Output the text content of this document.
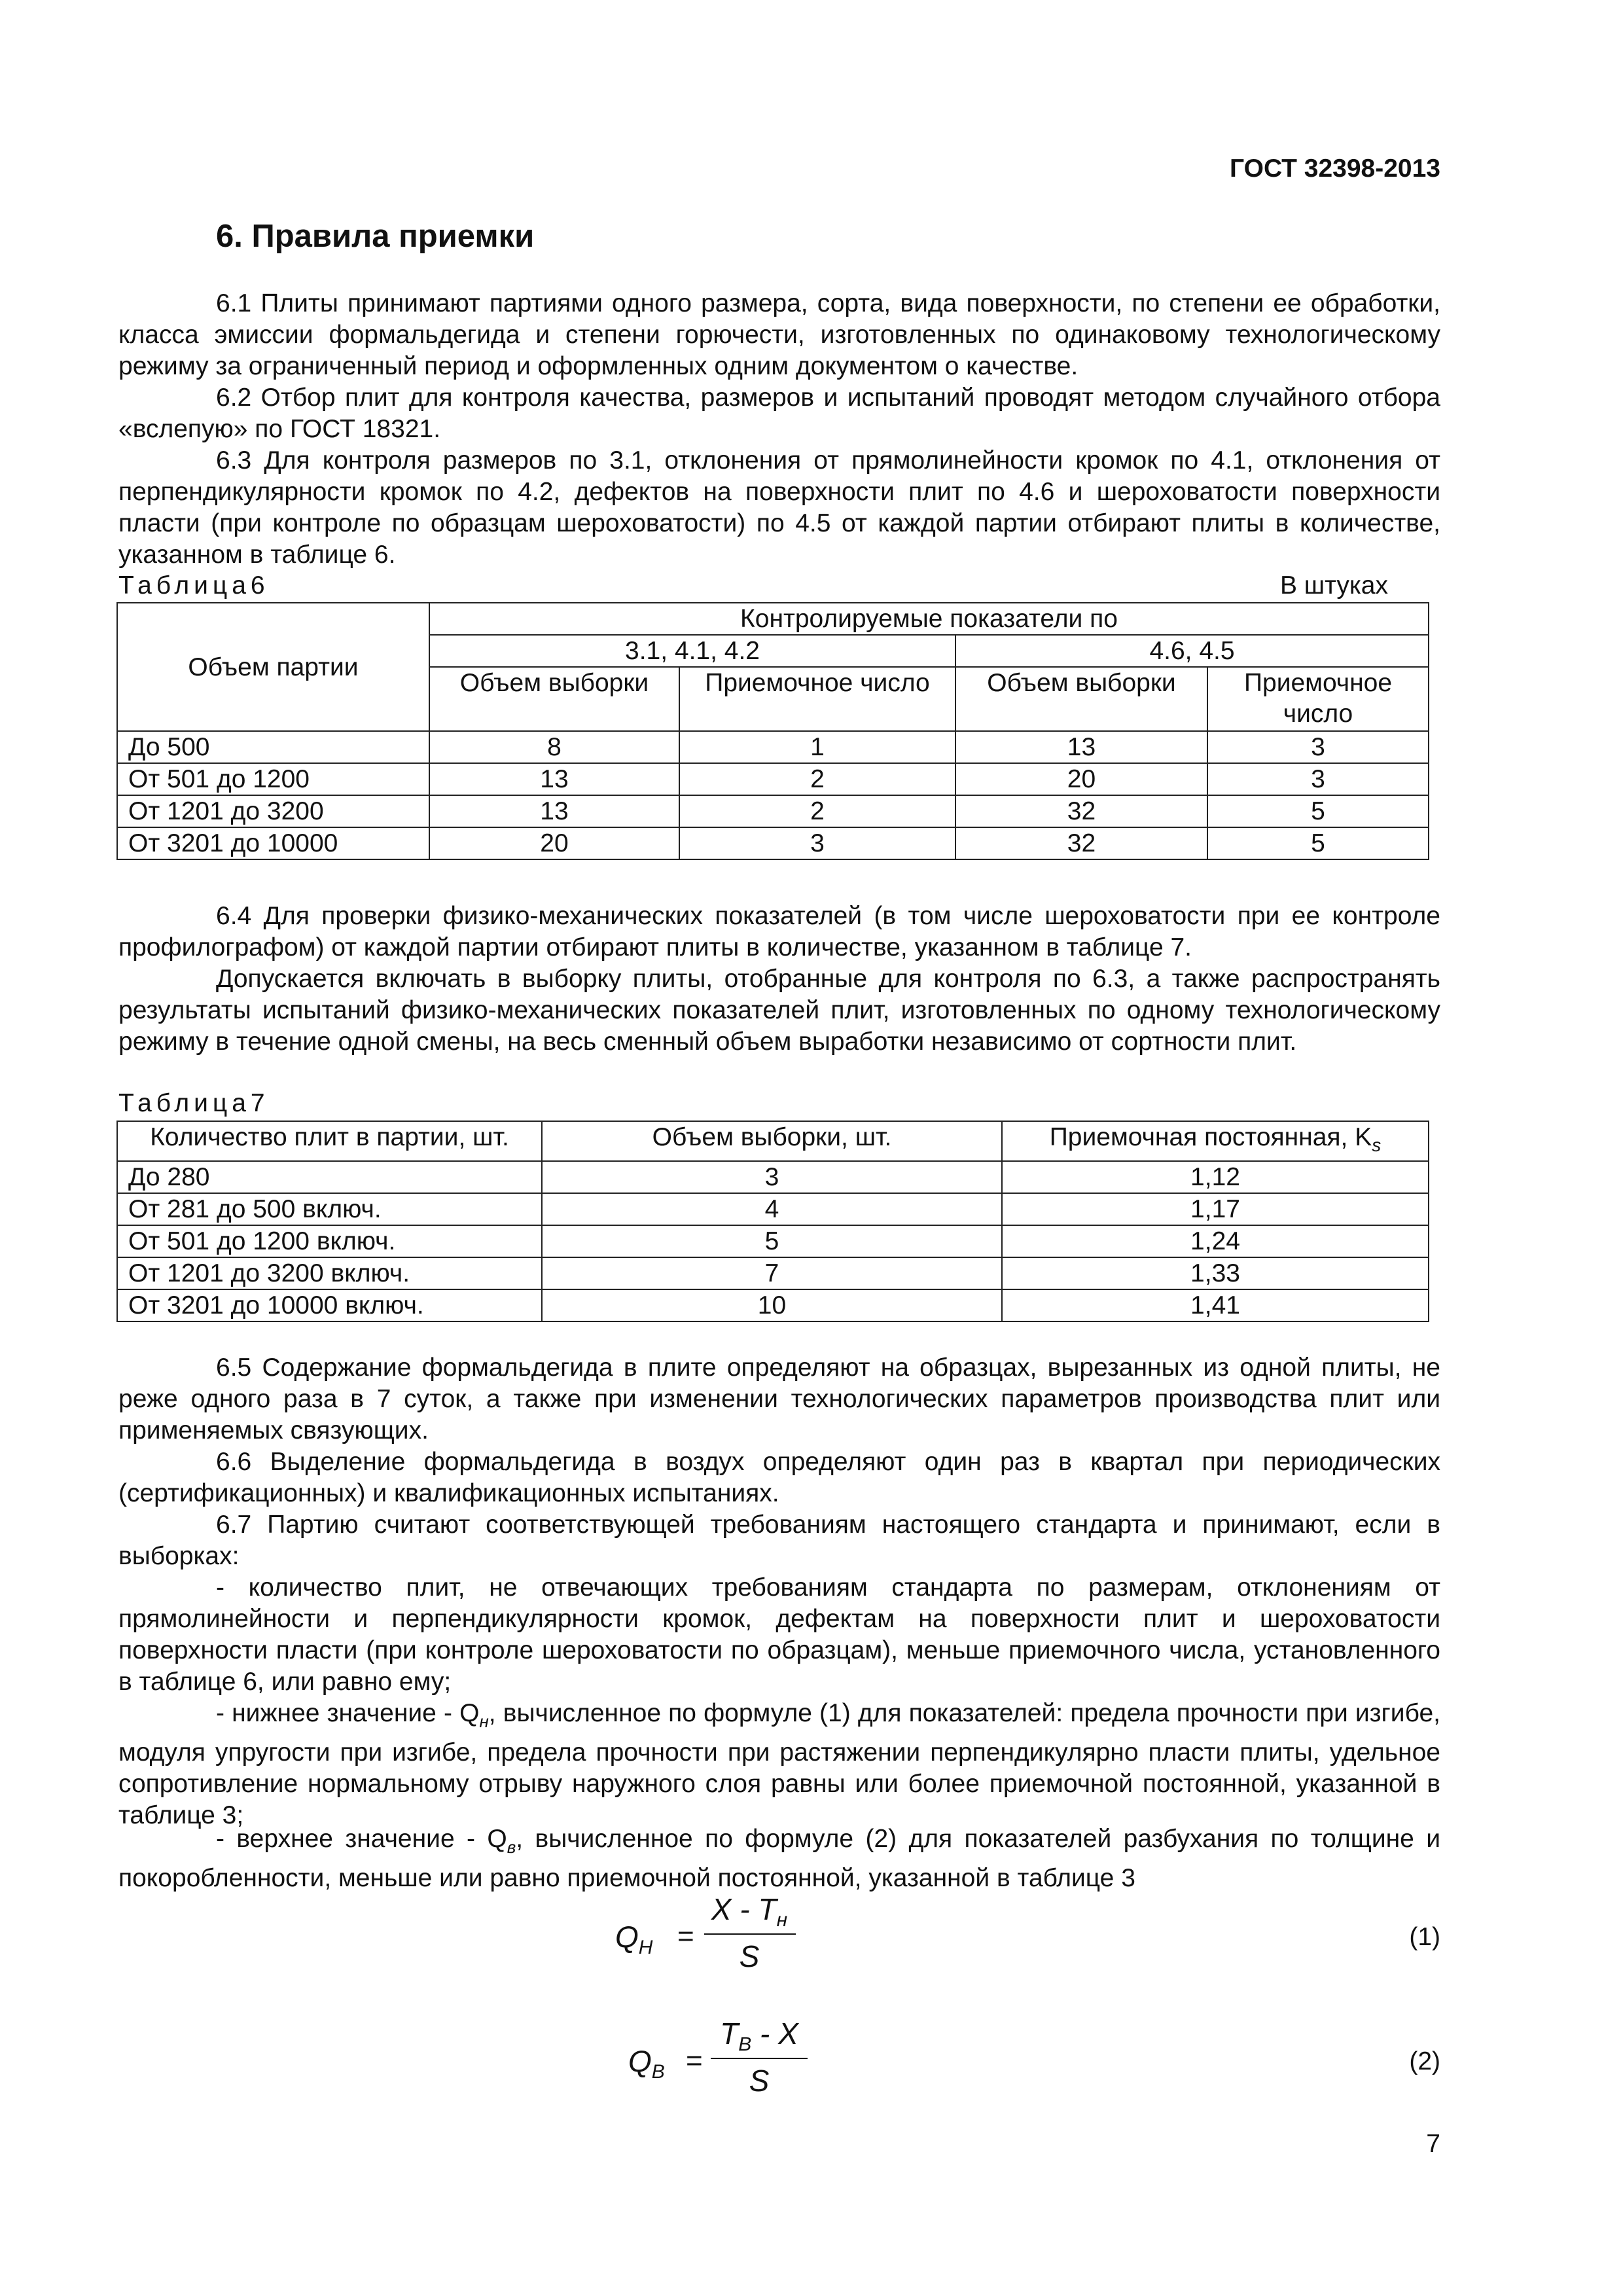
ГОСТ 32398-2013
6. Правила приемки

6.1 Плиты принимают партиями одного размера, сорта, вида поверхности, по степени ее обработки, класса эмиссии формальдегида и степени горючести, изготовленных по одинаковому технологическому режиму за ограниченный период и оформленных одним документом о качестве.

6.2 Отбор плит для контроля качества, размеров и испытаний проводят методом случайного отбора «вслепую» по ГОСТ 18321.

6.3 Для контроля размеров по 3.1, отклонения от прямолинейности кромок по 4.1, отклонения от перпендикулярности кромок по 4.2, дефектов на поверхности плит по 4.6 и шероховатости поверхности пласти (при контроле по образцам шероховатости) по 4.5 от каждой партии отбирают плиты в количестве, указанном в таблице 6.

Таблица6	В штуках
Объем партии	Контролируемые показатели по			
	3.1, 4.1, 4.2		4.6, 4.5	
	Объем выборки	Приемочное число	Объем выборки	Приемочное число
До 500	8	1	13	3
От 501 до 1200	13	2	20	3
От 1201 до 3200	13	2	32	5
От 3201 до 10000	20	3	32	5

6.4 Для проверки физико-механических показателей (в том числе шероховатости при ее контроле профилографом) от каждой партии отбирают плиты в количестве, указанном в таблице 7.

Допускается включать в выборку плиты, отобранные для контроля по 6.3, а также распространять результаты испытаний физико-механических показателей плит, изготовленных по одному технологическому режиму в течение одной смены, на весь сменный объем выработки независимо от сортности плит.

Таблица7
Количество плит в партии, шт.	Объем выборки, шт.	Приемочная постоянная, $K_s$
До 280	3	1,12
От 281 до 500 включ.	4	1,17
От 501 до 1200 включ.	5	1,24
От 1201 до 3200 включ.	7	1,33
От 3201 до 10000 включ.	10	1,41

6.5 Содержание формальдегида в плите определяют на образцах, вырезанных из одной плиты, не реже одного раза в 7 суток, а также при изменении технологических параметров производства плит или применяемых связующих.

6.6 Выделение формальдегида в воздух определяют один раз в квартал при периодических (сертификационных) и квалификационных испытаниях.

6.7 Партию считают соответствующей требованиям настоящего стандарта и принимают, если в выборках:

- количество плит, не отвечающих требованиям стандарта по размерам, отклонениям от прямолинейности и перпендикулярности кромок, дефектам на поверхности плит и шероховатости поверхности пласти (при контроле шероховатости по образцам), меньше приемочного числа, установленного в таблице 6, или равно ему;

- нижнее значение - $Q_н$, вычисленное по формуле (1) для показателей: предела прочности при изгибе, модуля упругости при изгибе, предела прочности при растяжении перпендикулярно пласти плиты, удельное сопротивление нормальному отрыву наружного слоя равны или более приемочной постоянной, указанной в таблице 3;

- верхнее значение - $Q_в$, вычисленное по формуле (2) для показателей разбухания по толщине и покоробленности, меньше или равно приемочной постоянной, указанной в таблице 3

$Q_Н$ =
X - $T_н$
S
(1)
$Q_В$ =
$T_В$ - X
S
(2)
7
